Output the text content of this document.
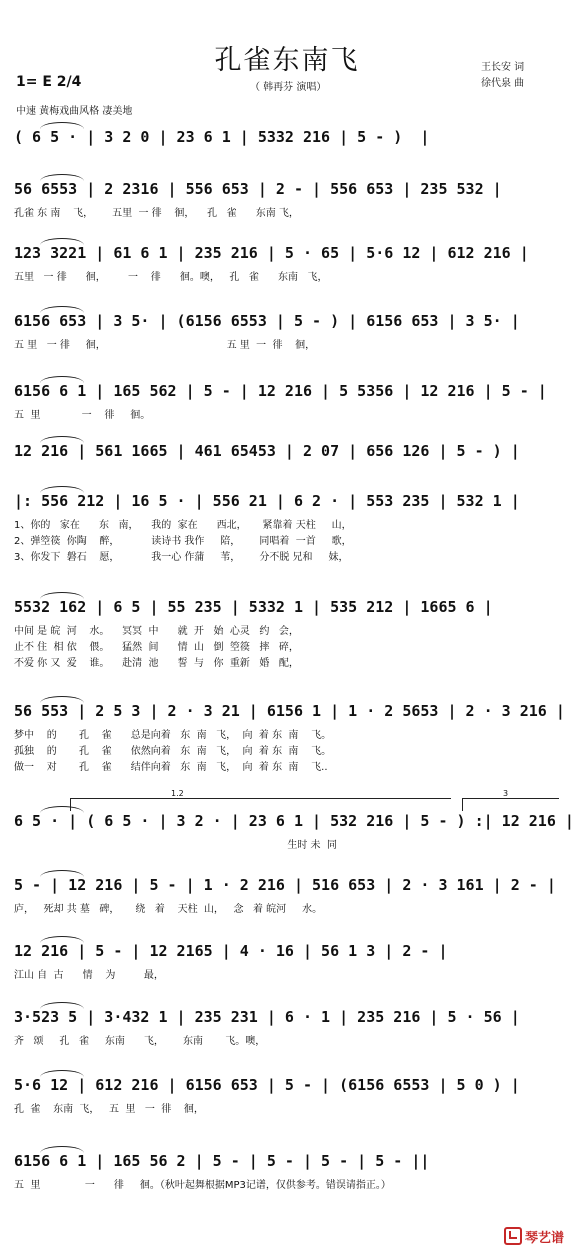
孔雀东南飞
（ 韩再芬 演唱）
王长安 词
徐代泉 曲
1= E 2/4
中速 黄梅戏曲风格 凄美地
( 6 5 · | 3 2 0 | 23 6 1 | 5332 216 | 5 - )  |
56 6553 | 2 2316 | 556 653 | 2 - | 556 653 | 235 532 |
孔雀 东 南    飞，      五里  一 徘    徊，    孔   雀      东南 飞，
123 3221 | 61 6 1 | 235 216 | 5 · 65 | 5·6 12 | 612 216 |
五里   一 徘      徊，       一    徘      徊。噢，   孔   雀      东南   飞，
6156 653 | 3 5· | (6156 6553 | 5 - ) | 6156 653 | 3 5· |
五 里   一 徘     徊，                                      五 里  一  徘    徊，
6156 6 1 | 165 562 | 5 - | 12 216 | 5 5356 | 12 216 | 5 - |
五  里             一    徘     徊。
12 216 | 561 1665 | 461 65453 | 2 07 | 656 126 | 5 - ) |
|: 556 212 | 16 5 · | 556 21 | 6 2 · | 553 235 | 532 1 |
1、你的   家在      东   南，    我的  家在      西北，     紧靠着 天柱     山，
2、弹箜篌  你陶    醉，          读诗书 我作     陪，      同唱着  一首     歌，
3、你发下  磐石    愿，          我一心 作蒲     苇，      分不脱 兄和     妹，
5532 162 | 6 5 | 55 235 | 5332 1 | 535 212 | 1665 6 |
中间 是 皖  河    水。    冥冥  中      就  开   始  心灵   约   会，
止不 住  相 依    偎。    猛然  间      情  山   倒  箜篌   摔   碎，
不爱 你 又  爱    谁。    赴清  池      誓  与   你  重新   婚   配，
56 553 | 2 5 3 | 2 · 3 21 | 6156 1 | 1 · 2 5653 | 2 · 3 216 |
梦中    的       孔    雀      总是向着   东  南   飞，  向  着 东  南    飞。
孤独    的       孔    雀      依然向着   东  南   飞，  向  着 东  南    飞。
做一    对       孔    雀      结伴向着   东  南   飞，  向  着 东  南    飞..
6 5 · | ( 6 5 · | 3 2 · | 23 6 1 | 532 216 | 5 - ) :| 12 216 |
生时 未  同
1.2	3
5 - | 12 216 | 5 - | 1 · 2 216 | 516 653 | 2 · 3 161 | 2 - |
庐，   死却 共 墓   碑，     绕   着    天柱  山，   念   着 皖河     水。
12 216 | 5 - | 12 2165 | 4 · 16 | 56 1 3 | 2 - |
江山 自  古      情    为         最，
3·523 5 | 3·432 1 | 235 231 | 6 · 1 | 235 216 | 5 · 56 |
齐   颂     孔   雀     东南      飞，      东南       飞。噢，
5·6 12 | 612 216 | 6156 653 | 5 - | (6156 6553 | 5 0 ) |
孔  雀    东南  飞，   五  里   一  徘    徊，
6156 6 1 | 165 56 2 | 5 - | 5 - | 5 - | 5 - ||
五  里              一      徘     徊。（秋叶起舞根据MP3记谱，仅供参考。错误请指正。）
琴艺谱
